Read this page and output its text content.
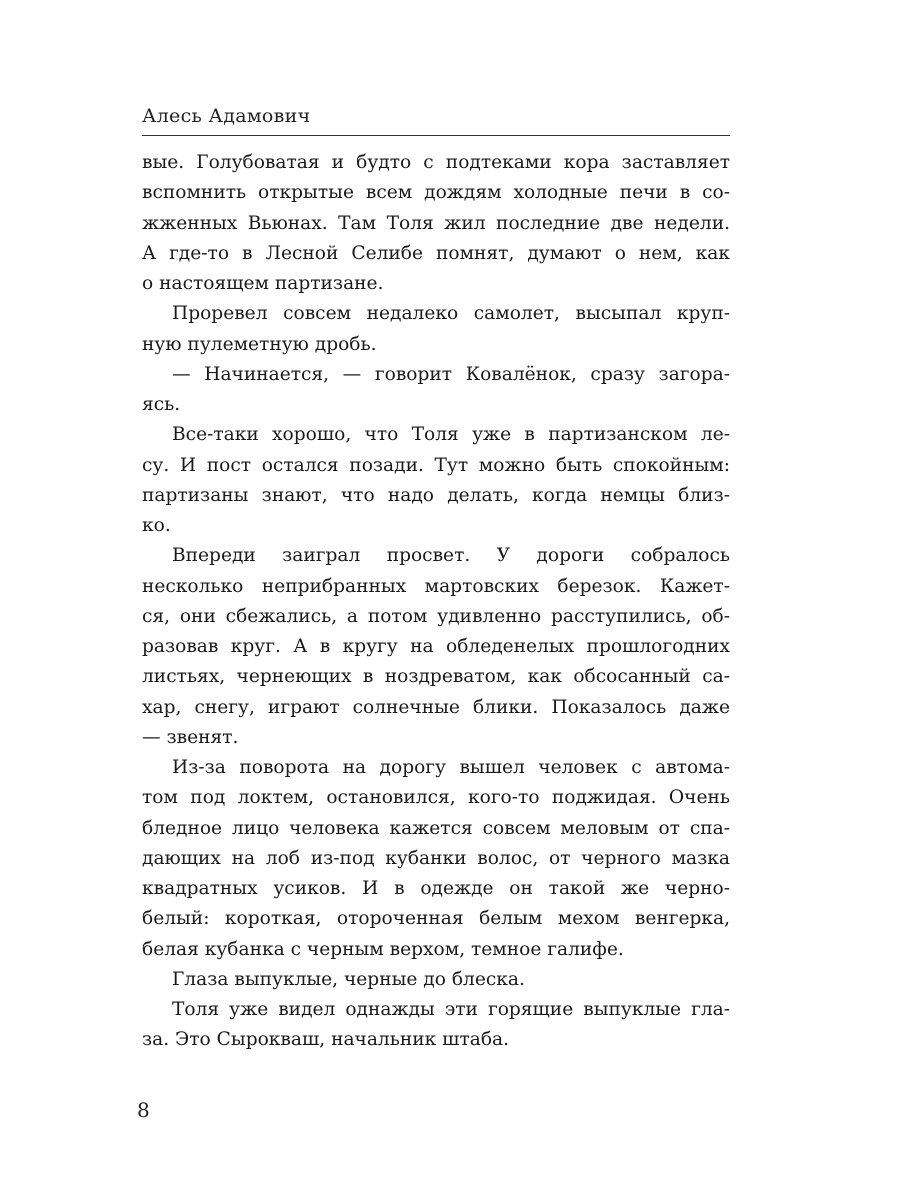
Алесь Адамович
вые. Голубоватая и будто с подтеками кора заставляет
вспомнить открытые всем дождям холодные печи в со-
жженных Вьюнах. Там Толя жил последние две недели.
А где-то в Лесной Селибе помнят, думают о нем, как
о настоящем партизане.
Проревел совсем недалеко самолет, высыпал круп-
ную пулеметную дробь.
— Начинается, — говорит Ковалёнок, сразу загора-
ясь.
Все-таки хорошо, что Толя уже в партизанском ле-
су. И пост остался позади. Тут можно быть спокойным:
партизаны знают, что надо делать, когда немцы близ-
ко.
Впереди заиграл просвет. У дороги собралось
несколько неприбранных мартовских березок. Кажет-
ся, они сбежались, а потом удивленно расступились, об-
разовав круг. А в кругу на обледенелых прошлогодних
листьях, чернеющих в ноздреватом, как обсосанный са-
хар, снегу, играют солнечные блики. Показалось даже
— звенят.
Из-за поворота на дорогу вышел человек с автома-
том под локтем, остановился, кого-то поджидая. Очень
бледное лицо человека кажется совсем меловым от спа-
дающих на лоб из-под кубанки волос, от черного мазка
квадратных усиков. И в одежде он такой же черно-
белый: короткая, отороченная белым мехом венгерка,
белая кубанка с черным верхом, темное галифе.
Глаза выпуклые, черные до блеска.
Толя уже видел однажды эти горящие выпуклые гла-
за. Это Сырокваш, начальник штаба.
8
